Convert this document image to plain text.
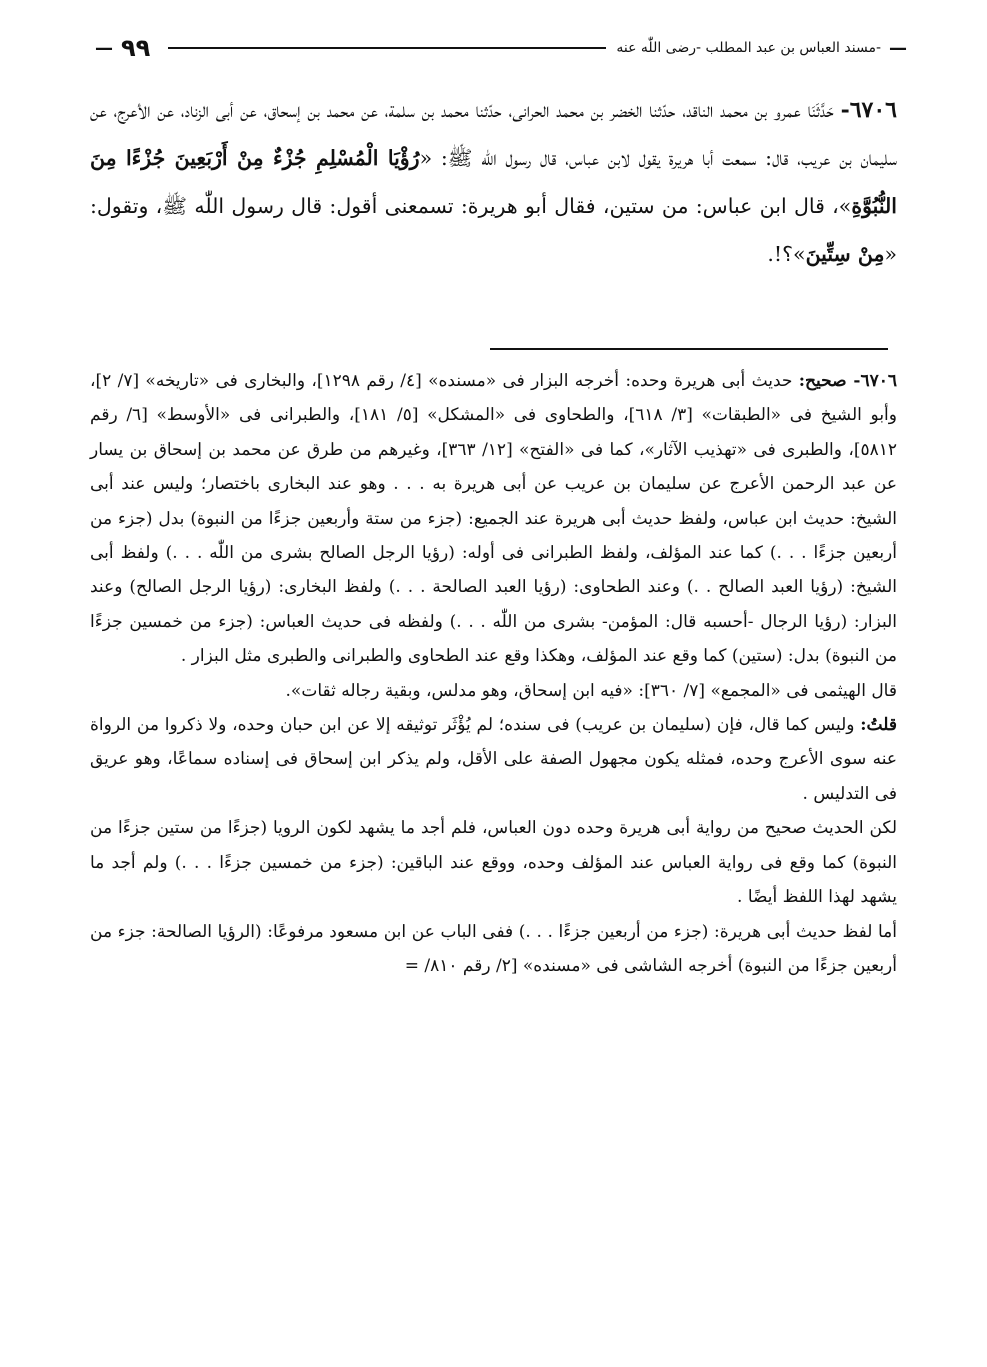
— ٩٩	مسند العباس بن عبد المطلب -رضى اللّٰه عنه- —
٦٧٠٦- حَدَّثَنَا عمرو بن محمد الناقد، حدّثنا الخضر بن محمد الحرانى، حدّثنا محمد بن سلمة، عن محمد بن إسحاق، عن أبى الزناد، عن الأعرج، عن سليمان بن عريب، قال: سمعت أبا هريرة يقول لابن عباس، قال رسول اللّٰه ﷺ: «رُؤْيَا الْمُسْلِمِ جُزْءٌ مِنْ أَرْبَعِينَ جُزْءًا مِنَ النُّبُوَّةِ»، قال ابن عباس: من ستين، فقال أبو هريرة: تسمعنى أقول: قال رسول اللّٰه ﷺ، وتقول: «مِنْ سِتِّينَ»؟!.

٦٧٠٦- صحيح: حديث أبى هريرة وحده: أخرجه البزار فى «مسنده» [٤/ رقم ١٢٩٨]، والبخارى فى «تاريخه» [٧/ ٢]، وأبو الشيخ فى «الطبقات» [٣/ ٦١٨]، والطحاوى فى «المشكل» [٥/ ١٨١]، والطبرانى فى «الأوسط» [٦/ رقم ٥٨١٢]، والطبرى فى «تهذيب الآثار»، كما فى «الفتح» [١٢/ ٣٦٣]، وغيرهم من طرق عن محمد بن إسحاق بن يسار عن عبد الرحمن الأعرج عن سليمان بن عريب عن أبى هريرة به . . . وهو عند البخارى باختصار؛ وليس عند أبى الشيخ: حديث ابن عباس، ولفظ حديث أبى هريرة عند الجميع: (جزء من ستة وأربعين جزءًا من النبوة) بدل (جزء من أربعين جزءًا . . .) كما عند المؤلف، ولفظ الطبرانى فى أوله: (رؤيا الرجل الصالح بشرى من اللّٰه . . .) ولفظ أبى الشيخ: (رؤيا العبد الصالح . .) وعند الطحاوى: (رؤيا العبد الصالحة . . .) ولفظ البخارى: (رؤيا الرجل الصالح) وعند البزار: (رؤيا الرجال -أحسبه قال: المؤمن- بشرى من اللّٰه . . .) ولفظه فى حديث العباس: (جزء من خمسين جزءًا من النبوة) بدل: (ستين) كما وقع عند المؤلف، وهكذا وقع عند الطحاوى والطبرانى والطبرى مثل البزار .

قال الهيثمى فى «المجمع» [٧/ ٣٦٠]: «فيه ابن إسحاق، وهو مدلس، وبقية رجاله ثقات».

قلتُ: وليس كما قال، فإن (سليمان بن عريب) فى سنده؛ لم يُؤْثَر توثيقه إلا عن ابن حبان وحده، ولا ذكروا من الرواة عنه سوى الأعرج وحده، فمثله يكون مجهول الصفة على الأقل، ولم يذكر ابن إسحاق فى إسناده سماعًا، وهو عريق فى التدليس .

لكن الحديث صحيح من رواية أبى هريرة وحده دون العباس، فلم أجد ما يشهد لكون الرويا (جزءًا من ستين جزءًا من النبوة) كما وقع فى رواية العباس عند المؤلف وحده، ووقع عند الباقين: (جزء من خمسين جزءًا . . .) ولم أجد ما يشهد لهذا اللفظ أيضًا .

أما لفظ حديث أبى هريرة: (جزء من أربعين جزءًا . . .) ففى الباب عن ابن مسعود مرفوعًا: (الرؤيا الصالحة: جزء من أربعين جزءًا من النبوة) أخرجه الشاشى فى «مسنده» [٢/ رقم ٨١٠/ =
